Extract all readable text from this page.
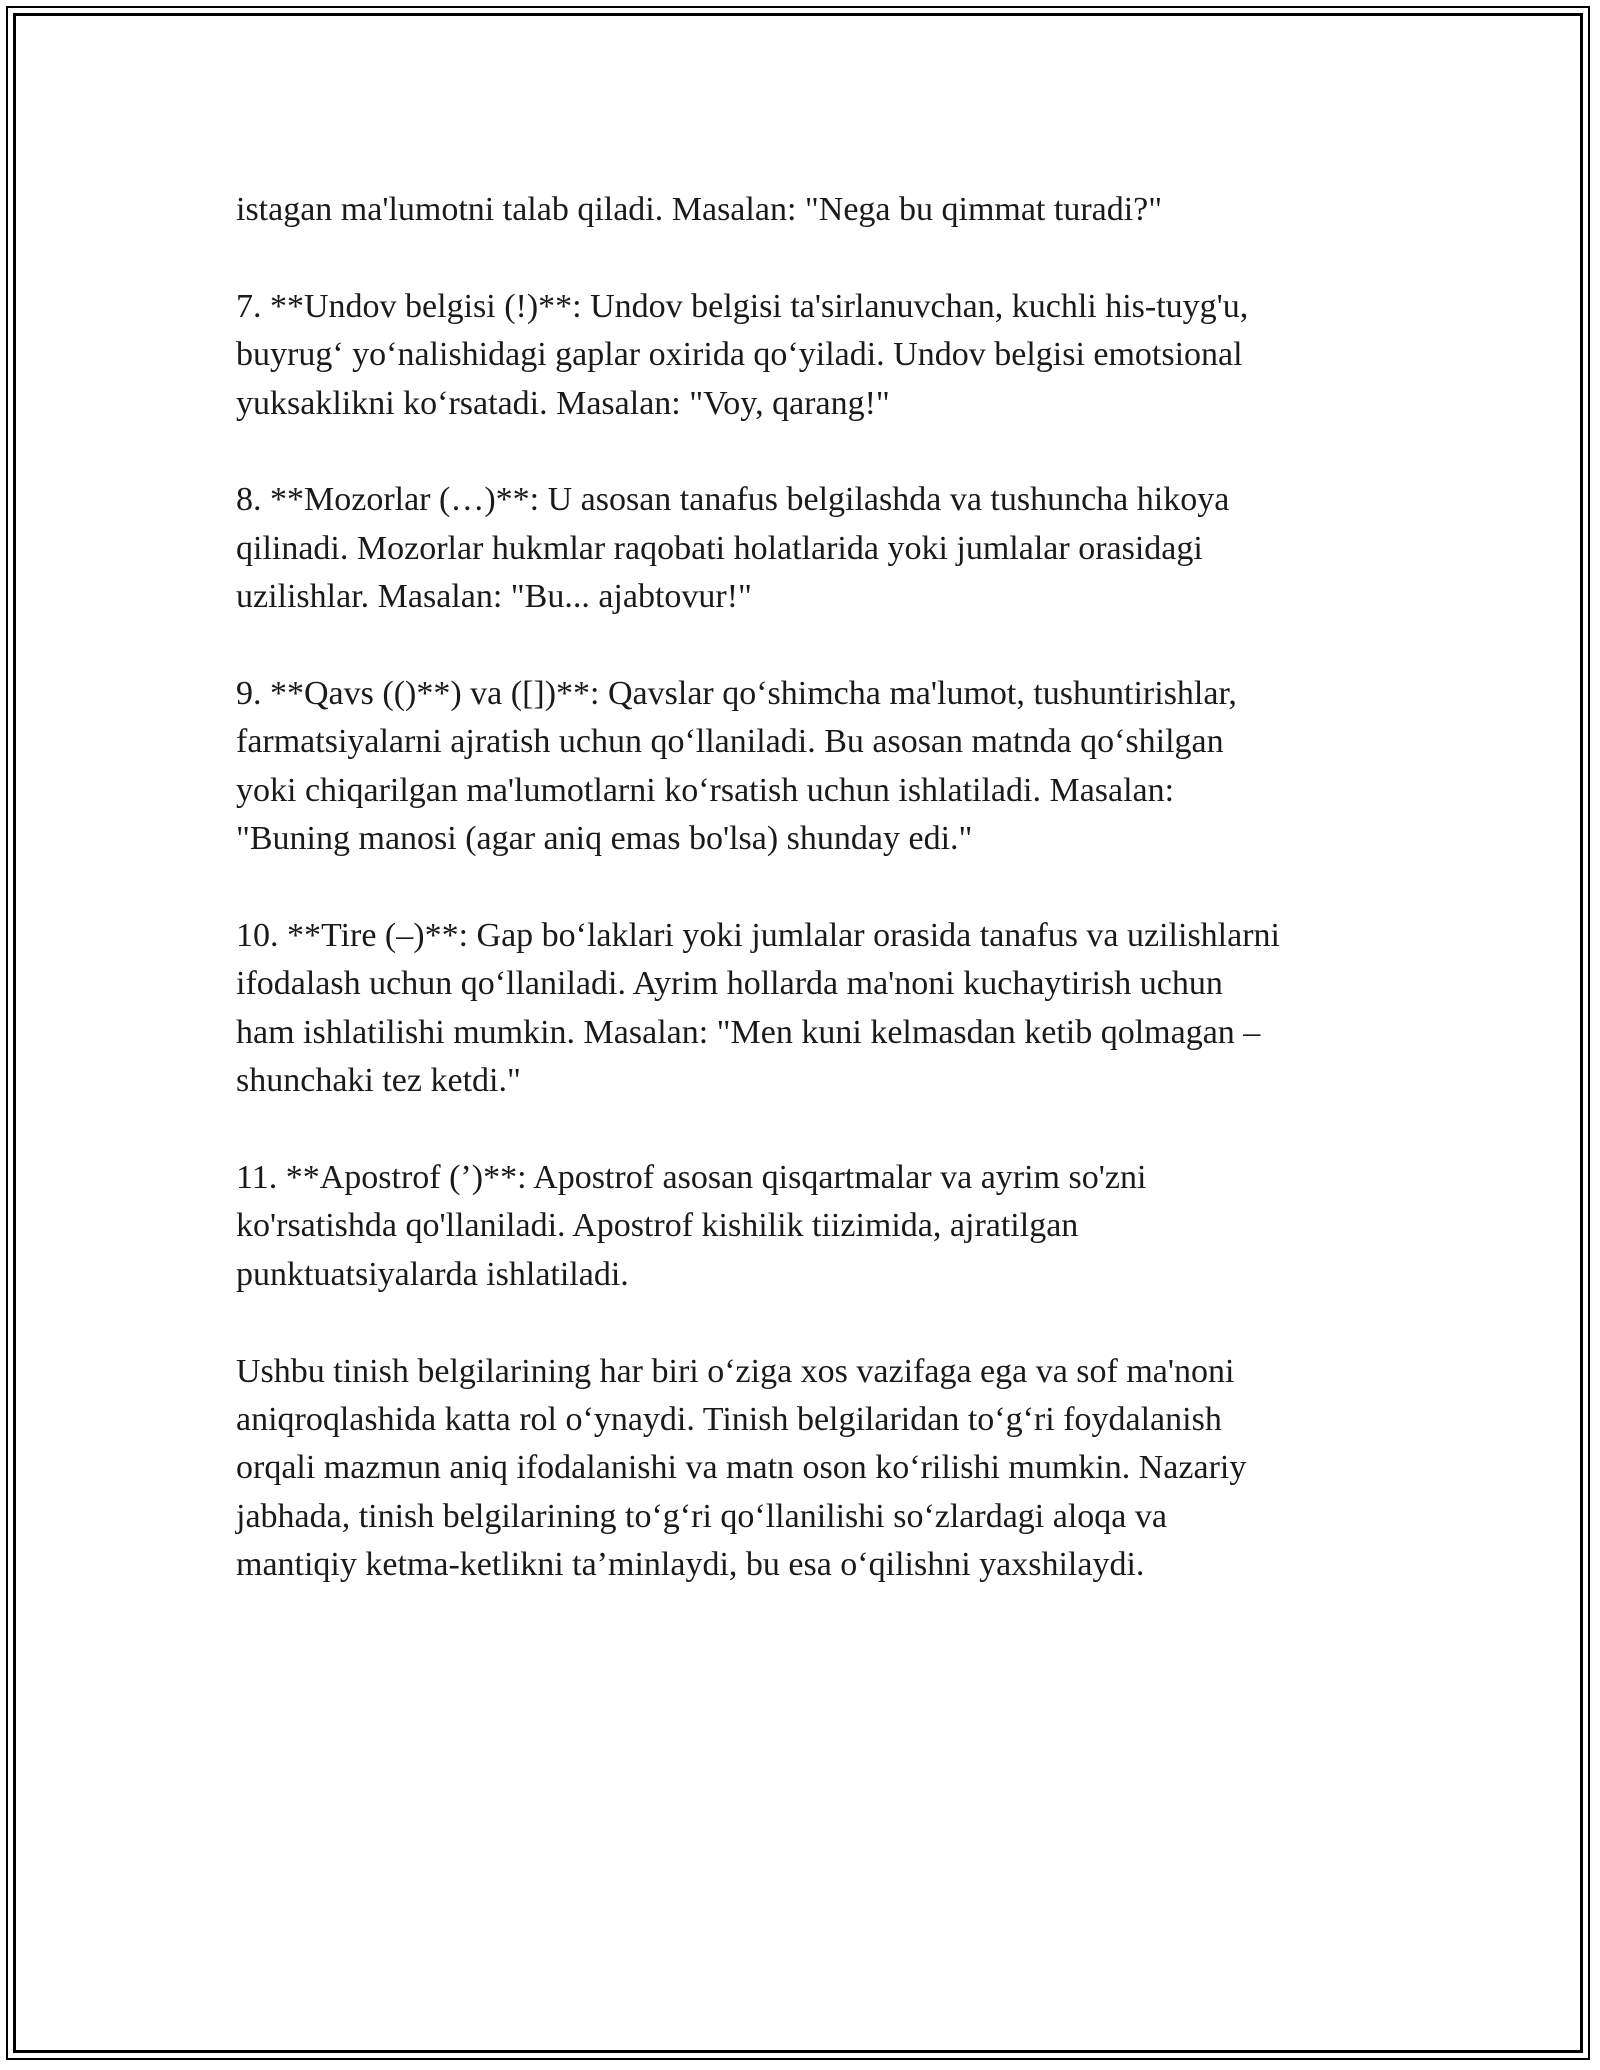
istagan ma'lumotni talab qiladi. Masalan: "Nega bu qimmat turadi?"

7. **Undov belgisi (!)**: Undov belgisi ta'sirlanuvchan, kuchli his-tuyg'u,
buyrug‘ yo‘nalishidagi gaplar oxirida qo‘yiladi. Undov belgisi emotsional
yuksaklikni ko‘rsatadi. Masalan: "Voy, qarang!"

8. **Mozorlar (…)**: U asosan tanafus belgilashda va tushuncha hikoya
qilinadi. Mozorlar hukmlar raqobati holatlarida yoki jumlalar orasidagi
uzilishlar. Masalan: "Bu... ajabtovur!"

9. **Qavs (()**) va ([])**: Qavslar qo‘shimcha ma'lumot, tushuntirishlar,
farmatsiyalarni ajratish uchun qo‘llaniladi. Bu asosan matnda qo‘shilgan
yoki chiqarilgan ma'lumotlarni ko‘rsatish uchun ishlatiladi. Masalan:
"Buning manosi (agar aniq emas bo'lsa) shunday edi."

10. **Tire (–)**: Gap bo‘laklari yoki jumlalar orasida tanafus va uzilishlarni
ifodalash uchun qo‘llaniladi. Ayrim hollarda ma'noni kuchaytirish uchun
ham ishlatilishi mumkin. Masalan: "Men kuni kelmasdan ketib qolmagan –
shunchaki tez ketdi."

11. **Apostrof (’)**: Apostrof asosan qisqartmalar va ayrim so'zni
ko'rsatishda qo'llaniladi. Apostrof kishilik tiizimida, ajratilgan
punktuatsiyalarda ishlatiladi.

Ushbu tinish belgilarining har biri o‘ziga xos vazifaga ega va sof ma'noni
aniqroqlashida katta rol o‘ynaydi. Tinish belgilaridan to‘g‘ri foydalanish
orqali mazmun aniq ifodalanishi va matn oson ko‘rilishi mumkin. Nazariy
jabhada, tinish belgilarining to‘g‘ri qo‘llanilishi so‘zlardagi aloqa va
mantiqiy ketma-ketlikni ta’minlaydi, bu esa o‘qilishni yaxshilaydi.
